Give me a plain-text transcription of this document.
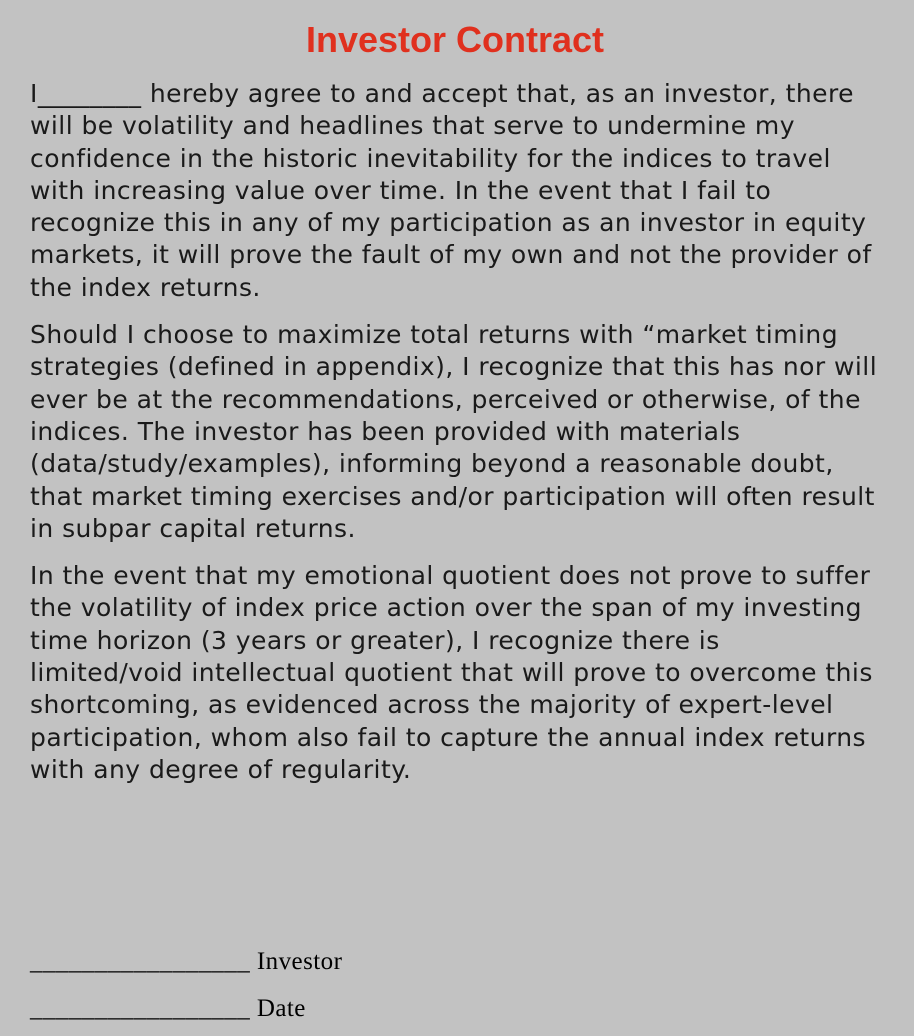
Investor Contract

I________ hereby agree to and accept that, as an investor, there will be volatility and headlines that serve to undermine my confidence in the historic inevitability for the indices to travel with increasing value over time. In the event that I fail to recognize this in any of my participation as an investor in equity markets, it will prove the fault of my own and not the provider of the index returns.

Should I choose to maximize total returns with “market timing strategies (defined in appendix), I recognize that this has nor will ever be at the recommendations, perceived or otherwise, of the indices. The investor has been provided with materials (data/study/examples), informing beyond a reasonable doubt, that market timing exercises and/or participation will often result in subpar capital returns.

In the event that my emotional quotient does not prove to suffer the volatility of index price action over the span of my investing time horizon (3 years or greater), I recognize there is limited/void intellectual quotient that will prove to overcome this shortcoming, as evidenced across the majority of expert-level participation, whom also fail to capture the annual index returns with any degree of regularity.

_________________ Investor
_________________ Date
